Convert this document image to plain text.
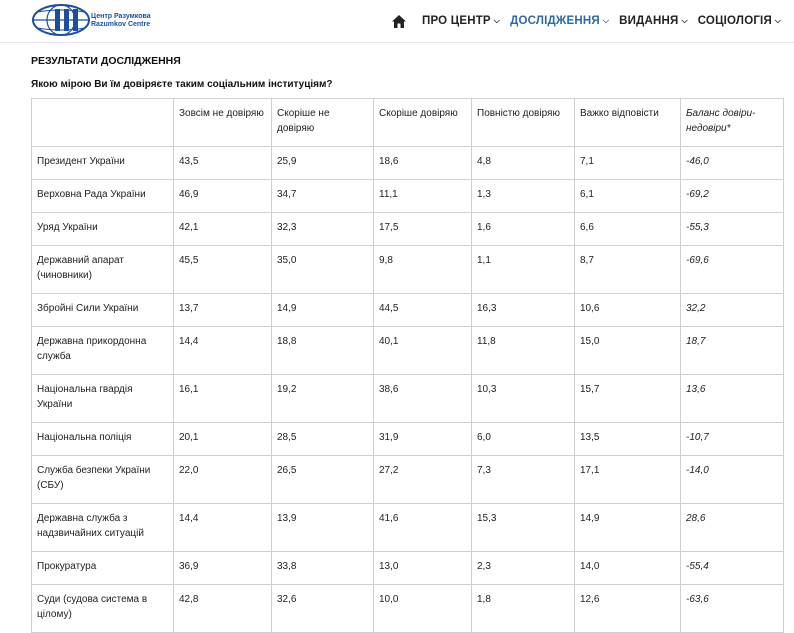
Центр Разумкова
Razumkov Centre	ПРО ЦЕНТР ⌵ ДОСЛІДЖЕННЯ ⌵ ВИДАННЯ ⌵ СОЦІОЛОГІЯ ⌵
РЕЗУЛЬТАТИ ДОСЛІДЖЕННЯ
Якою мірою Ви їм довіряєте таким соціальним інституціям?
	Зовсім не довіряю	Скоріше не довіряю	Скоріше довіряю	Повністю довіряю	Важко відповісти	Баланс довіри-недовіри*
Президент України	43,5	25,9	18,6	4,8	7,1	-46,0
Верховна Рада України	46,9	34,7	11,1	1,3	6,1	-69,2
Уряд України	42,1	32,3	17,5	1,6	6,6	-55,3
Державний апарат (чиновники)	45,5	35,0	9,8	1,1	8,7	-69,6
Збройні Сили України	13,7	14,9	44,5	16,3	10,6	32,2
Державна прикордонна служба	14,4	18,8	40,1	11,8	15,0	18,7
Національна гвардія України	16,1	19,2	38,6	10,3	15,7	13,6
Національна поліція	20,1	28,5	31,9	6,0	13,5	-10,7
Служба безпеки України (СБУ)	22,0	26,5	27,2	7,3	17,1	-14,0
Державна служба з надзвичайних ситуацій	14,4	13,9	41,6	15,3	14,9	28,6
Прокуратура	36,9	33,8	13,0	2,3	14,0	-55,4
Суди (судова система в цілому)	42,8	32,6	10,0	1,8	12,6	-63,6
